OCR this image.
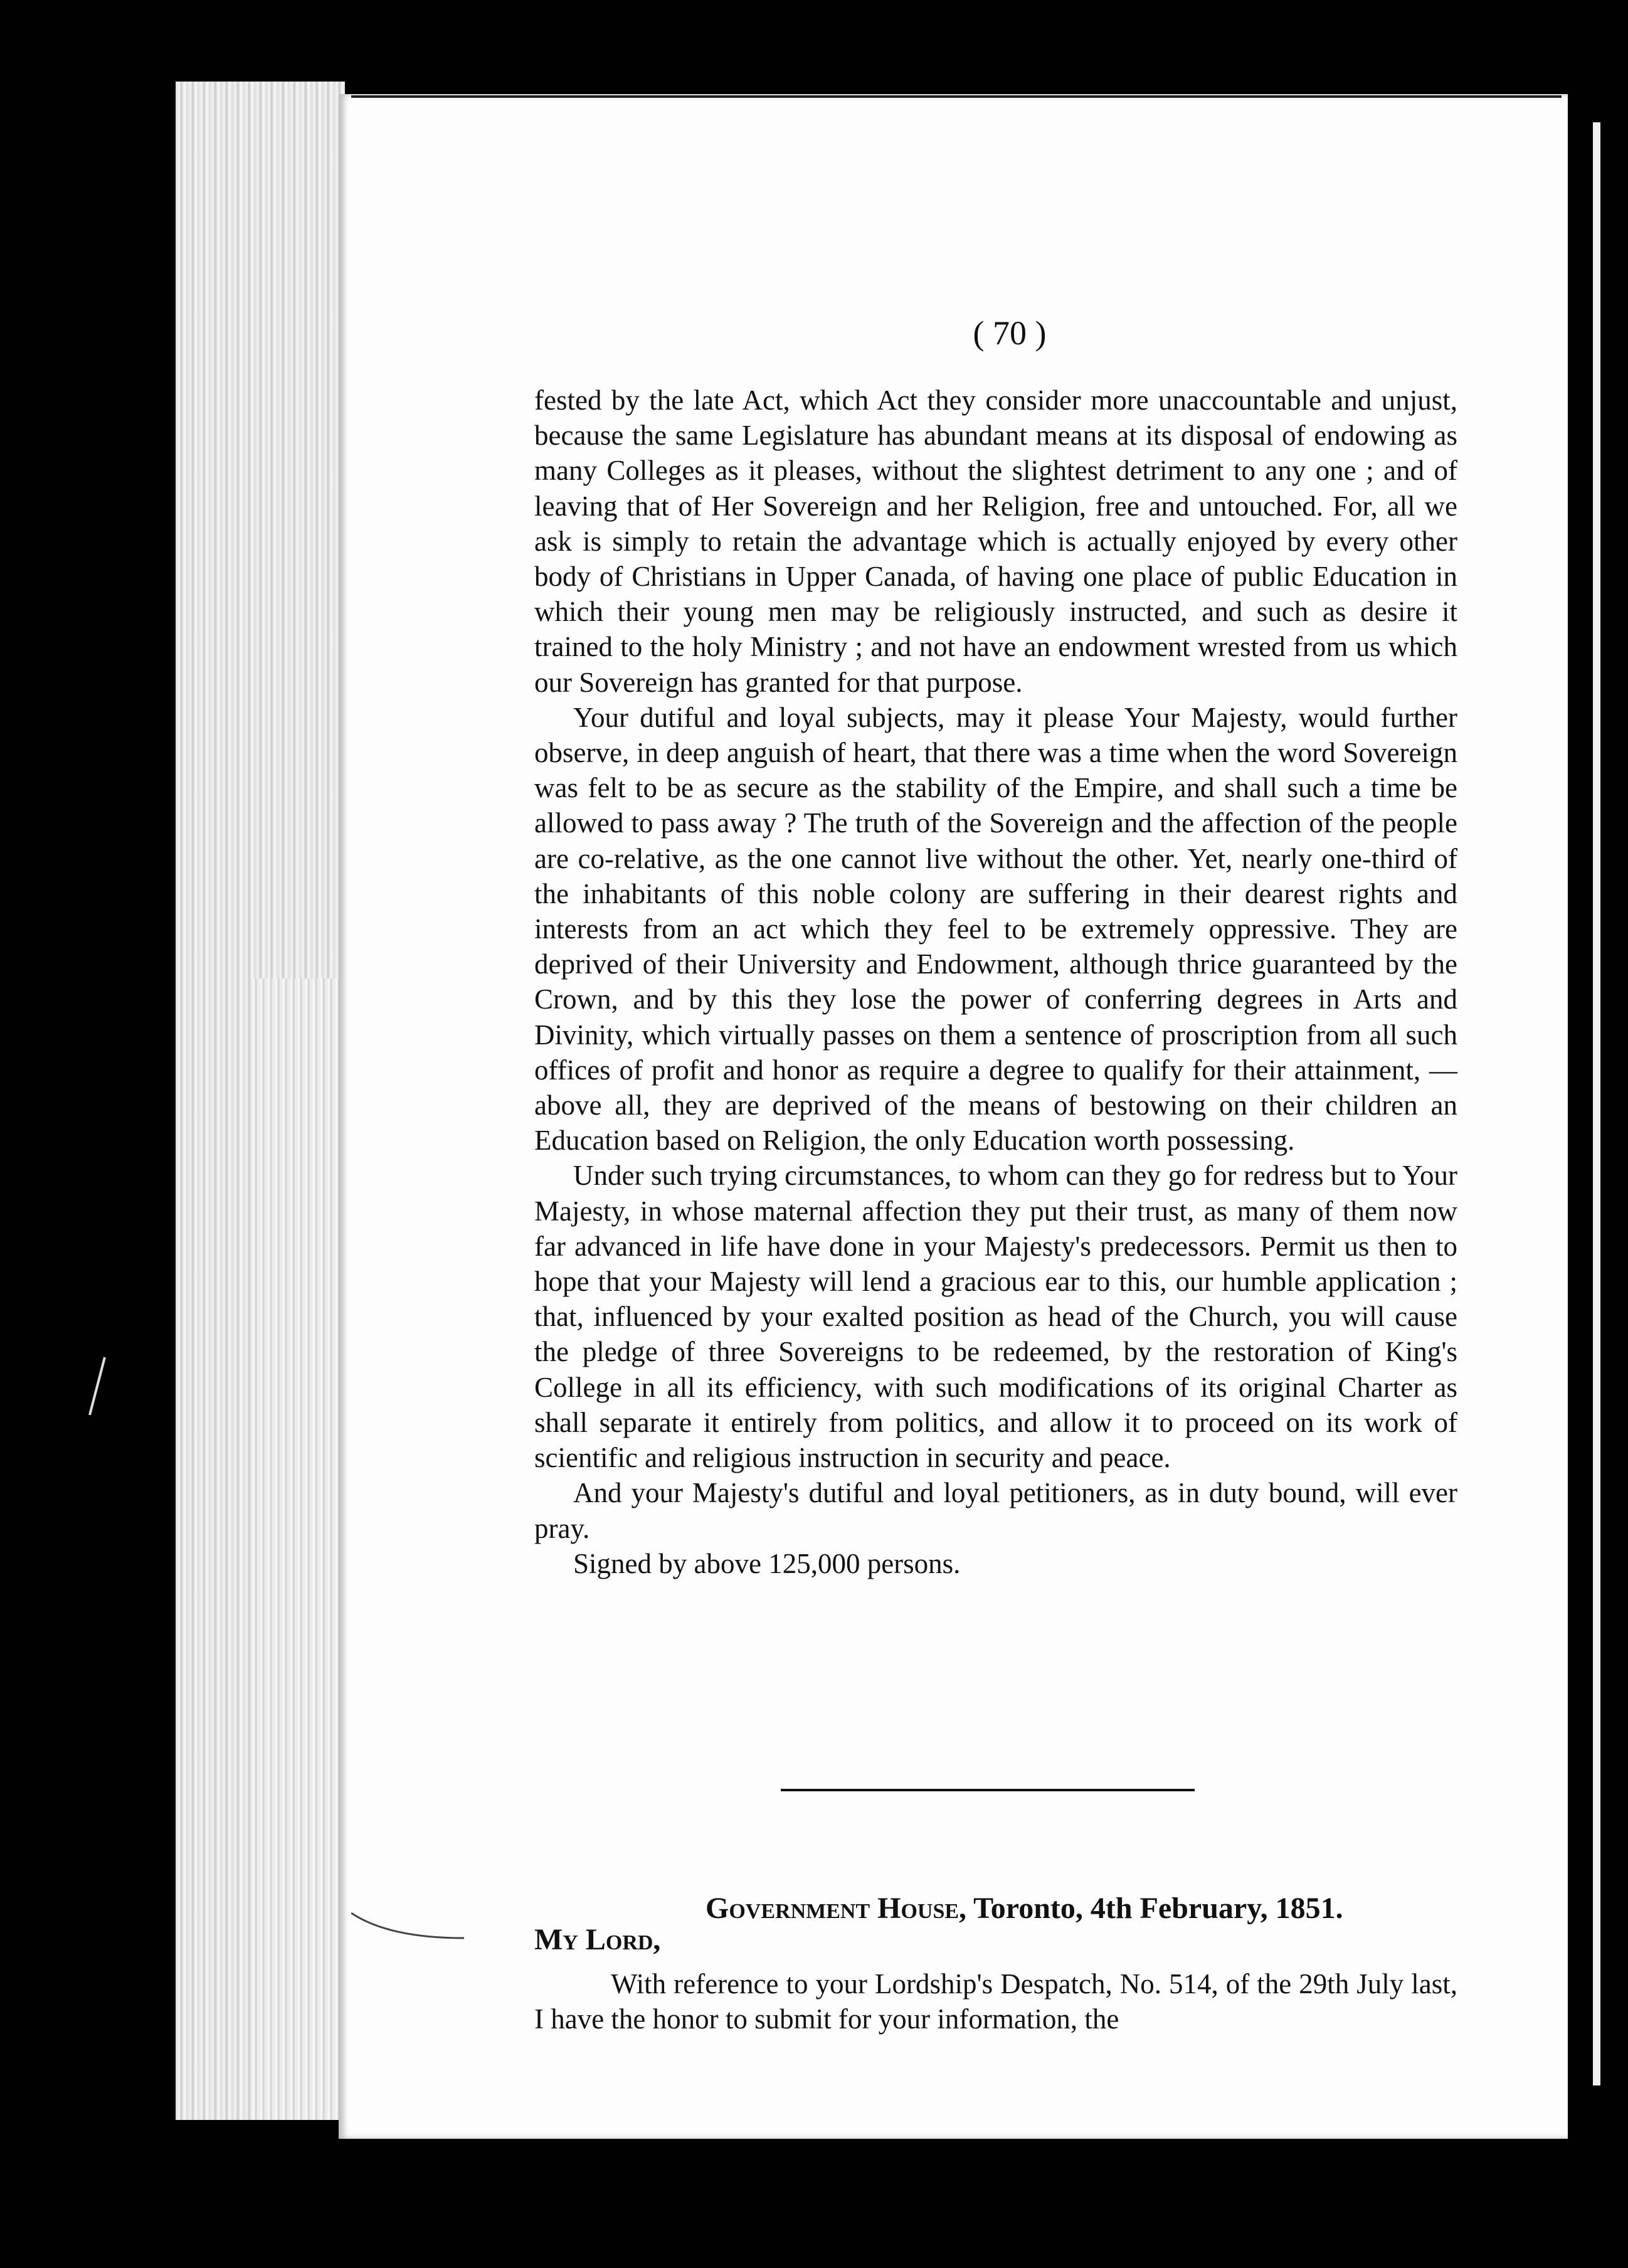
( 70 )

fested by the late Act, which Act they consider more unaccountable and unjust, because the same Legislature has abundant means at its disposal of endowing as many Colleges as it pleases, without the slightest detriment to any one ; and of leaving that of Her Sovereign and her Religion, free and untouched. For, all we ask is simply to retain the advantage which is actually enjoyed by every other body of Christians in Upper Canada, of having one place of public Education in which their young men may be religiously instructed, and such as desire it trained to the holy Ministry ; and not have an endowment wrested from us which our Sovereign has granted for that purpose.

Your dutiful and loyal subjects, may it please Your Majesty, would further observe, in deep anguish of heart, that there was a time when the word Sovereign was felt to be as secure as the stability of the Empire, and shall such a time be allowed to pass away ? The truth of the Sovereign and the affection of the people are co-relative, as the one cannot live without the other. Yet, nearly one-third of the inhabitants of this noble colony are suffering in their dearest rights and interests from an act which they feel to be extremely oppressive. They are deprived of their University and Endowment, although thrice guaranteed by the Crown, and by this they lose the power of conferring degrees in Arts and Divinity, which virtually passes on them a sentence of proscription from all such offices of profit and honor as require a degree to qualify for their attainment, —above all, they are deprived of the means of bestowing on their children an Education based on Religion, the only Education worth possessing.

Under such trying circumstances, to whom can they go for redress but to Your Majesty, in whose maternal affection they put their trust, as many of them now far advanced in life have done in your Majesty's predecessors. Permit us then to hope that your Majesty will lend a gracious ear to this, our humble application ; that, influenced by your exalted position as head of the Church, you will cause the pledge of three Sovereigns to be redeemed, by the restoration of King's College in all its efficiency, with such modifications of its original Charter as shall separate it entirely from politics, and allow it to proceed on its work of scientific and religious instruction in security and peace.

And your Majesty's dutiful and loyal petitioners, as in duty bound, will ever pray.

Signed by above 125,000 persons.

Government House, Toronto, 4th February, 1851.
My Lord,

With reference to your Lordship's Despatch, No. 514, of the 29th July last, I have the honor to submit for your information, the
